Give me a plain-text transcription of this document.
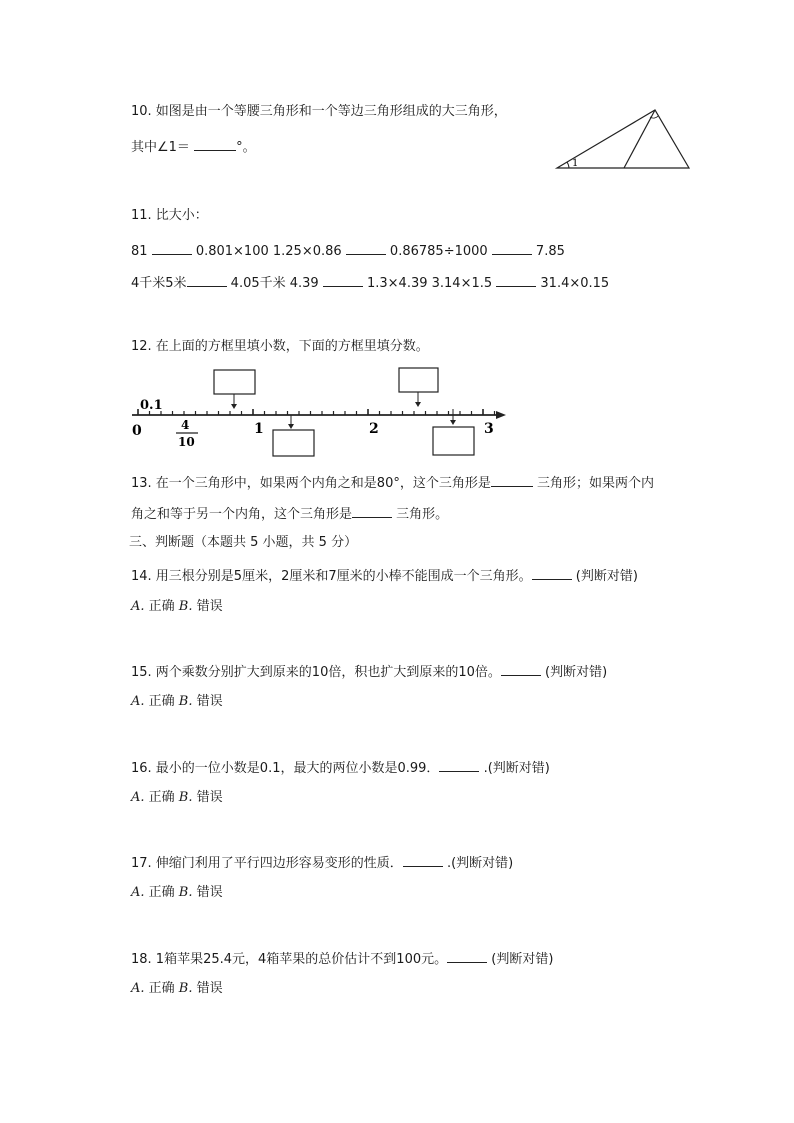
10. 如图是由一个等腰三角形和一个等边三角形组成的大三角形，
其中∠1＝	°。
1
11. 比大小：
81	0.801×100 1.25×0.86	0.86785÷1000	7.85
4千米5米	4.05千米 4.39	1.3×4.39 3.14×1.5	31.4×0.15
12. 在上面的方框里填小数，下面的方框里填分数。
0.1
0	1	2	3
4
10
13. 在一个三角形中，如果两个内角之和是80°，这个三角形是	三角形；如果两个内
角之和等于另一个内角，这个三角形是	三角形。
三、判断题（本题共 5 小题，共 5 分）
14. 用三根分别是5厘米，2厘米和7厘米的小棒不能围成一个三角形。	(判断对错)
A. 正确 B. 错误
15. 两个乘数分别扩大到原来的10倍，积也扩大到原来的10倍。	(判断对错)
A. 正确 B. 错误
16. 最小的一位小数是0.1，最大的两位小数是0.99．	.(判断对错)
A. 正确 B. 错误
17. 伸缩门利用了平行四边形容易变形的性质．	.(判断对错)
A. 正确 B. 错误
18. 1箱苹果25.4元，4箱苹果的总价估计不到100元。	(判断对错)
A. 正确 B. 错误
